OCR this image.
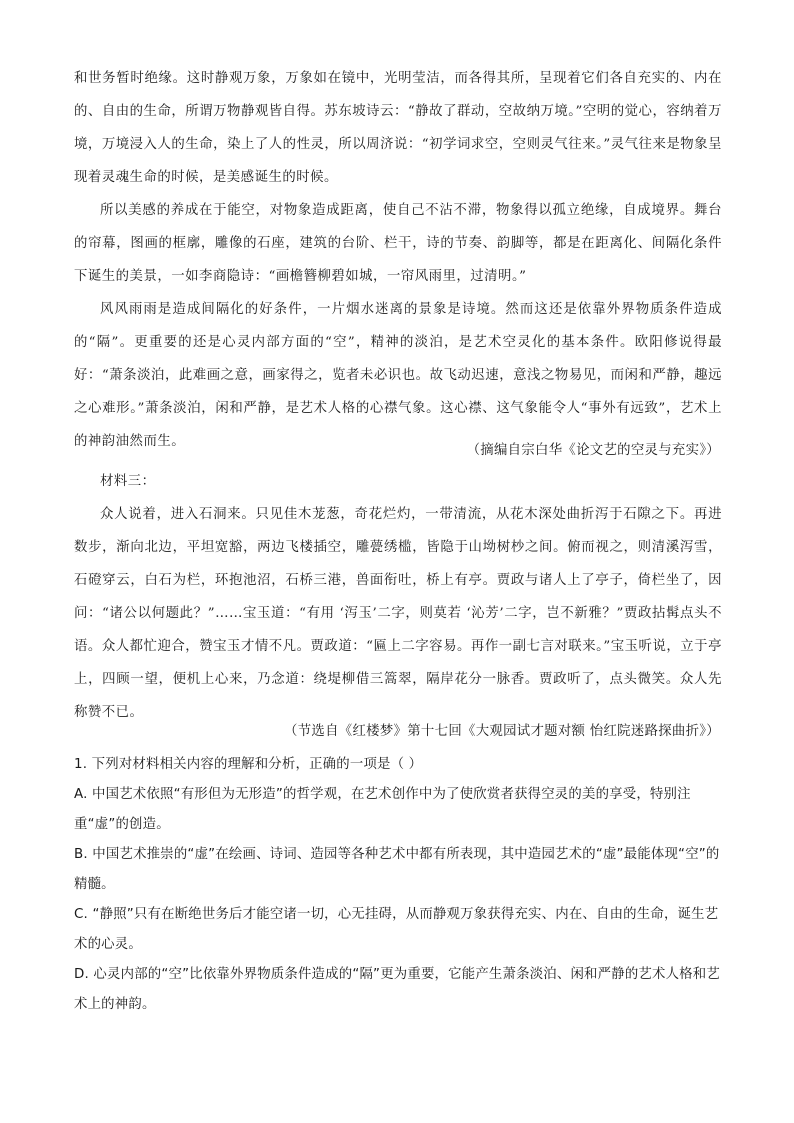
和世务暂时绝缘。这时静观万象，万象如在镜中，光明莹洁，而各得其所，呈现着它们各自充实的、内在的、自由的生命，所谓万物静观皆自得。苏东坡诗云：“静故了群动，空故纳万境。”空明的觉心，容纳着万境，万境浸入人的生命，染上了人的性灵，所以周济说：“初学词求空，空则灵气往来。”灵气往来是物象呈现着灵魂生命的时候，是美感诞生的时候。

所以美感的养成在于能空，对物象造成距离，使自己不沾不滞，物象得以孤立绝缘，自成境界。舞台的帘幕，图画的框廓，雕像的石座，建筑的台阶、栏干，诗的节奏、韵脚等，都是在距离化、间隔化条件下诞生的美景，一如李商隐诗：“画檐簪柳碧如城，一帘风雨里，过清明。”

风风雨雨是造成间隔化的好条件，一片烟水迷离的景象是诗境。然而这还是依靠外界物质条件造成的“隔”。更重要的还是心灵内部方面的“空”，精神的淡泊，是艺术空灵化的基本条件。欧阳修说得最好：“萧条淡泊，此难画之意，画家得之，览者未必识也。故飞动迟速，意浅之物易见，而闲和严静，趣远之心难形。”萧条淡泊，闲和严静，是艺术人格的心襟气象。这心襟、这气象能令人“事外有远致”，艺术上的神韵油然而生。

（摘编自宗白华《论文艺的空灵与充实》）

材料三：

众人说着，进入石洞来。只见佳木茏葱，奇花烂灼，一带清流，从花木深处曲折泻于石隙之下。再进数步，渐向北边，平坦宽豁，两边飞楼插空，雕甍绣槛，皆隐于山坳树杪之间。俯而视之，则清溪泻雪，石磴穿云，白石为栏，环抱池沼，石桥三港，兽面衔吐，桥上有亭。贾政与诸人上了亭子，倚栏坐了，因问：“诸公以何题此？”……宝玉道：“有用 ‘泻玉’二字，则莫若 ‘沁芳’二字，岂不新雅？”贾政拈髯点头不语。众人都忙迎合，赞宝玉才情不凡。贾政道：“匾上二字容易。再作一副七言对联来。”宝玉听说，立于亭上，四顾一望，便机上心来，乃念道：绕堤柳借三篙翠，隔岸花分一脉香。贾政听了，点头微笑。众人先称赞不已。

（节选自《红楼梦》第十七回《大观园试才题对额 怡红院迷路探曲折》）

1. 下列对材料相关内容的理解和分析，正确的一项是（ ）

A. 中国艺术依照“有形但为无形造”的哲学观，在艺术创作中为了使欣赏者获得空灵的美的享受，特别注重“虚”的创造。

B. 中国艺术推崇的“虚”在绘画、诗词、造园等各种艺术中都有所表现，其中造园艺术的“虚”最能体现“空”的精髓。

C. “静照”只有在断绝世务后才能空诸一切，心无挂碍，从而静观万象获得充实、内在、自由的生命，诞生艺术的心灵。

D. 心灵内部的“空”比依靠外界物质条件造成的“隔”更为重要，它能产生萧条淡泊、闲和严静的艺术人格和艺术上的神韵。
